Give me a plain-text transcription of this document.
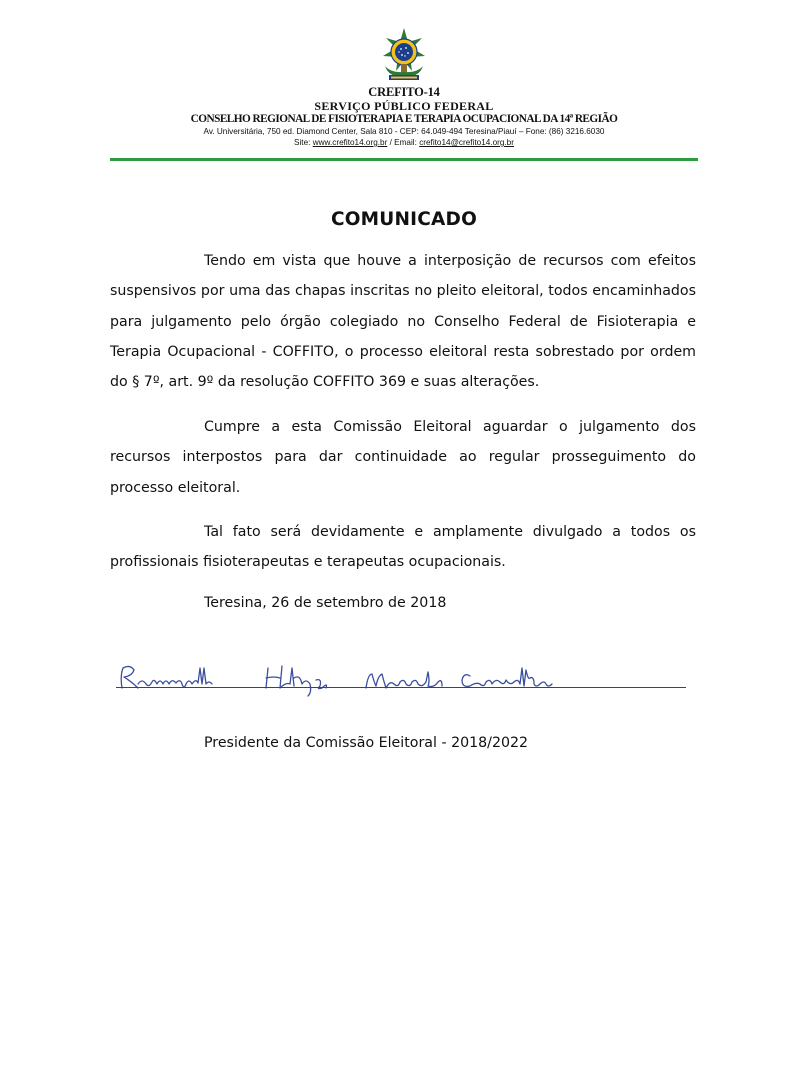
CREFITO-14
SERVIÇO PÚBLICO FEDERAL
CONSELHO REGIONAL DE FISIOTERAPIA E TERAPIA OCUPACIONAL DA 14ª REGIÃO
Av. Universitária, 750 ed. Diamond Center, Sala 810 - CEP: 64.049-494 Teresina/Piauí – Fone: (86) 3216.6030
Site: www.crefito14.org.br / Email: crefito14@crefito14.org.br
COMUNICADO

Tendo em vista que houve a interposição de recursos com efeitos suspensivos por uma das chapas inscritas no pleito eleitoral, todos encaminhados para julgamento pelo órgão colegiado no Conselho Federal de Fisioterapia e Terapia Ocupacional - COFFITO, o processo eleitoral resta sobrestado por ordem do § 7º, art. 9º da resolução COFFITO 369 e suas alterações.

Cumpre a esta Comissão Eleitoral aguardar o julgamento dos recursos interpostos para dar continuidade ao regular prosseguimento do processo eleitoral.

Tal fato será devidamente e amplamente divulgado a todos os profissionais fisioterapeutas e terapeutas ocupacionais.

Teresina, 26 de setembro de 2018
Presidente da Comissão Eleitoral - 2018/2022
